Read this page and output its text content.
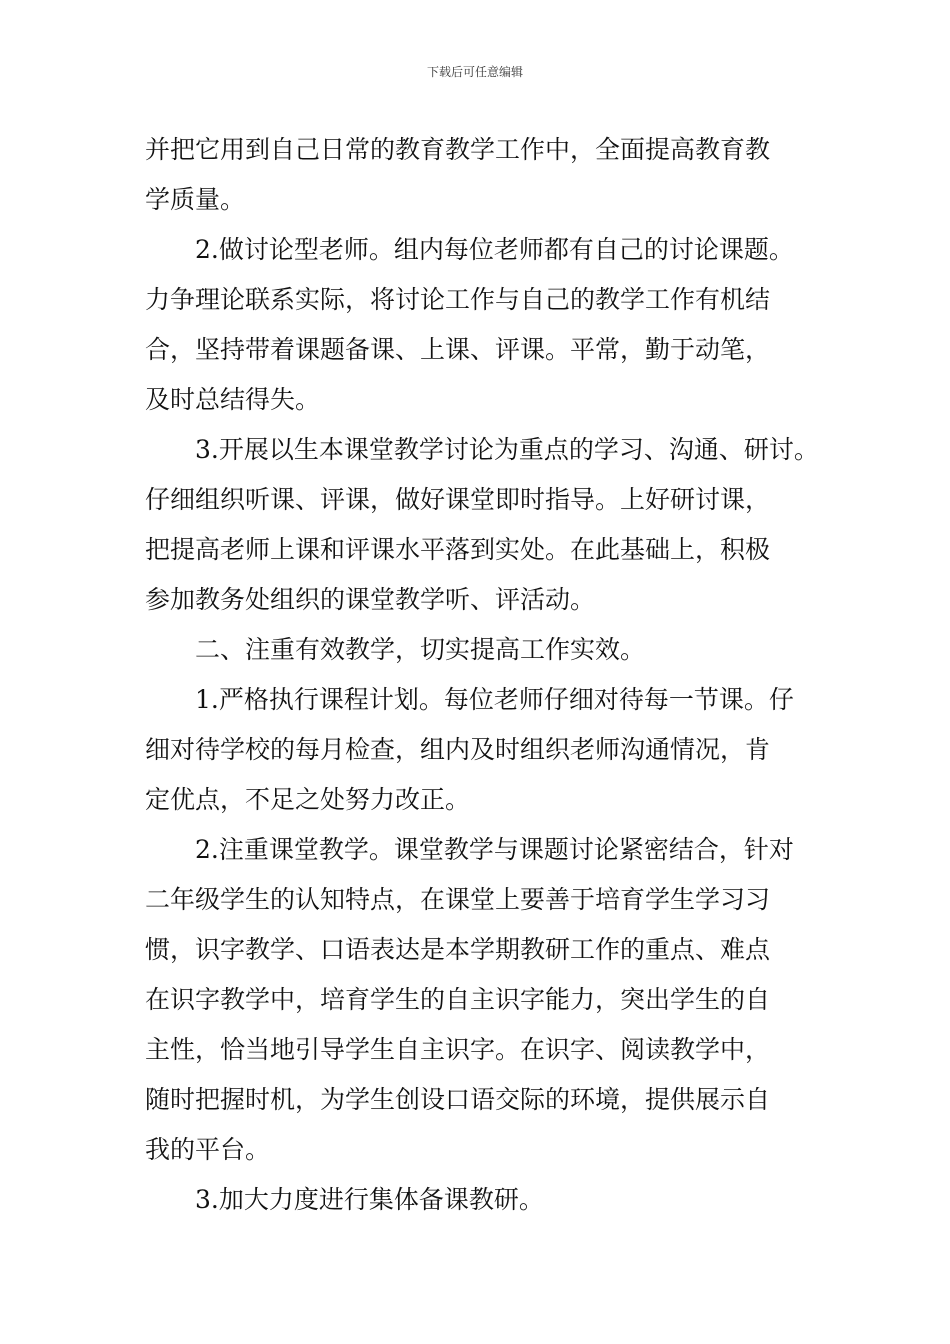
下载后可任意编辑
并把它用到自己日常的教育教学工作中，全面提高教育教
学质量。
2.做讨论型老师。组内每位老师都有自己的讨论课题。
力争理论联系实际，将讨论工作与自己的教学工作有机结
合，坚持带着课题备课、上课、评课。平常，勤于动笔，
及时总结得失。
3.开展以生本课堂教学讨论为重点的学习、沟通、研讨。
仔细组织听课、评课，做好课堂即时指导。上好研讨课，
把提高老师上课和评课水平落到实处。在此基础上，积极
参加教务处组织的课堂教学听、评活动。
二、注重有效教学，切实提高工作实效。
1.严格执行课程计划。每位老师仔细对待每一节课。仔
细对待学校的每月检查，组内及时组织老师沟通情况，肯
定优点，不足之处努力改正。
2.注重课堂教学。课堂教学与课题讨论紧密结合，针对
二年级学生的认知特点，在课堂上要善于培育学生学习习
惯，识字教学、口语表达是本学期教研工作的重点、难点
在识字教学中，培育学生的自主识字能力，突出学生的自
主性，恰当地引导学生自主识字。在识字、阅读教学中，
随时把握时机，为学生创设口语交际的环境，提供展示自
我的平台。
3.加大力度进行集体备课教研。
